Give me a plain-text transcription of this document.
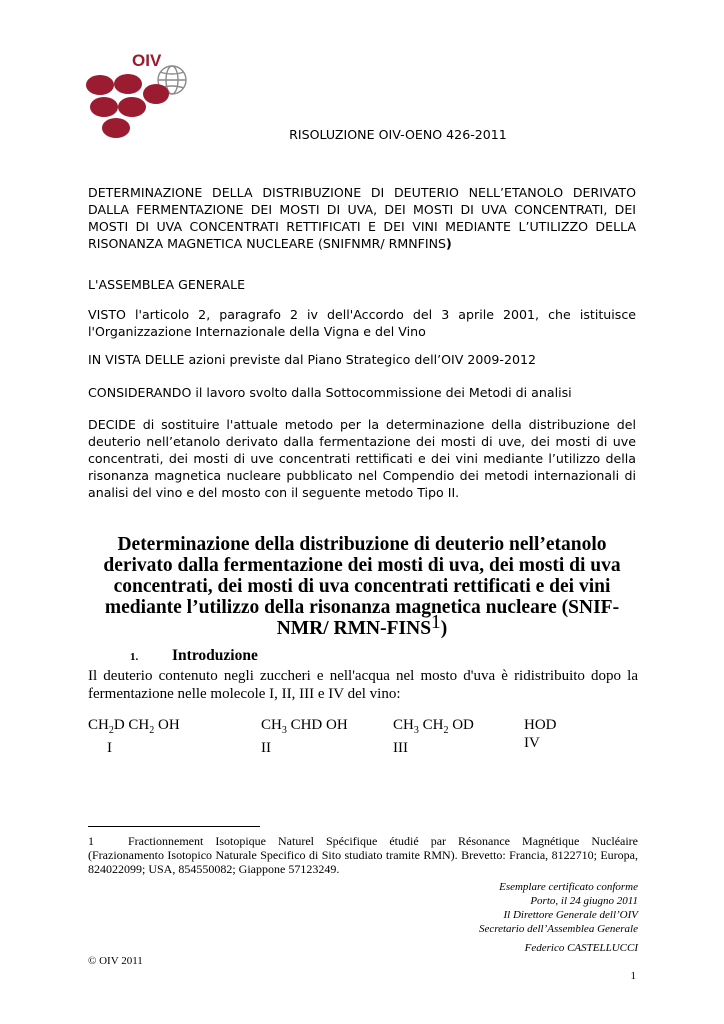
OIV
RISOLUZIONE OIV-OENO 426-2011
DETERMINAZIONE DELLA DISTRIBUZIONE DI DEUTERIO NELL’ETANOLO DERIVATO DALLA FERMENTAZIONE DEI MOSTI DI UVA, DEI MOSTI DI UVA CONCENTRATI, DEI MOSTI DI UVA CONCENTRATI RETTIFICATI E DEI VINI MEDIANTE L’UTILIZZO DELLA RISONANZA MAGNETICA NUCLEARE (SNIFNMR/ RMNFINS)
L'ASSEMBLEA GENERALE
VISTO l'articolo 2, paragrafo 2 iv dell'Accordo del 3 aprile 2001, che istituisce l'Organizzazione Internazionale della Vigna e del Vino
IN VISTA DELLE azioni previste dal Piano Strategico dell’OIV 2009-2012
CONSIDERANDO il lavoro svolto dalla Sottocommissione dei Metodi di analisi
DECIDE di sostituire l'attuale metodo per la determinazione della distribuzione del deuterio nell’etanolo derivato dalla fermentazione dei mosti di uve, dei mosti di uve concentrati, dei mosti di uve concentrati rettificati e dei vini mediante l’utilizzo della risonanza magnetica nucleare pubblicato nel Compendio dei metodi internazionali di analisi del vino e del mosto con il seguente metodo Tipo II.
Determinazione della distribuzione di deuterio nell’etanolo derivato dalla fermentazione dei mosti di uva, dei mosti di uva concentrati, dei mosti di uva concentrati rettificati e dei vini mediante l’utilizzo della risonanza magnetica nucleare (SNIF-NMR/ RMN-FINS$^1$)
1. Introduzione
Il deuterio contenuto negli zuccheri e nell'acqua nel mosto d'uva è ridistribuito dopo la fermentazione nelle molecole I, II, III e IV del vino:
$CH_2D$ $CH_2$ OH
I
$CH_3$ CHD OH
II
$CH_3$ $CH_2$ OD
III
HOD
IV
1	Fractionnement Isotopique Naturel Spécifique étudié par Résonance Magnétique Nucléaire (Frazionamento Isotopico Naturale Specifico di Sito studiato tramite RMN). Brevetto: Francia, 8122710; Europa, 824022099; USA, 854550082; Giappone 57123249.
Esemplare certificato conforme
Porto, il 24 giugno 2011
Il Direttore Generale dell’OIV
Secretario dell’Assemblea Generale
Federico CASTELLUCCI
© OIV 2011
1
